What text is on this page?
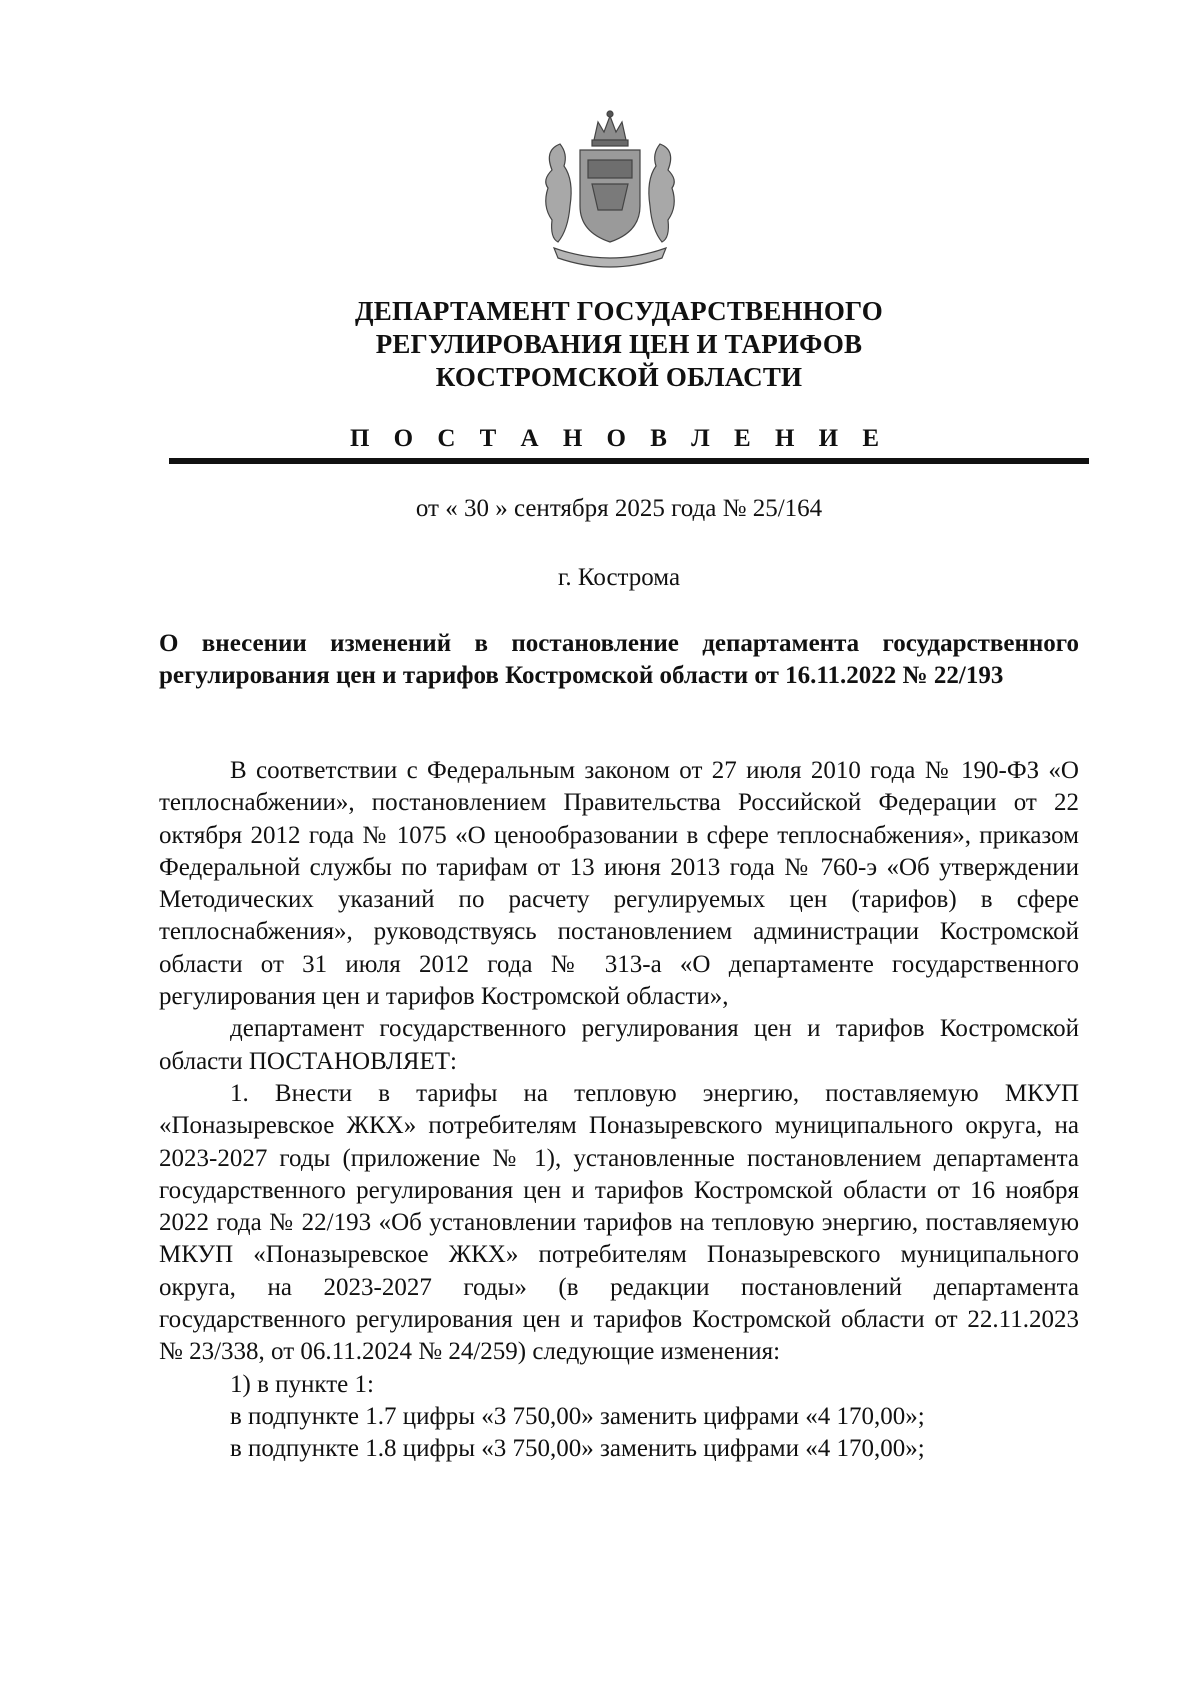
ДЕПАРТАМЕНТ ГОСУДАРСТВЕННОГО
РЕГУЛИРОВАНИЯ ЦЕН И ТАРИФОВ
КОСТРОМСКОЙ ОБЛАСТИ
П О С Т А Н О В Л Е Н И Е
от « 30 » сентября 2025 года № 25/164
г. Кострома
О внесении изменений в постановление департамента государственного регулирования цен и тарифов Костромской области от 16.11.2022 № 22/193

В соответствии с Федеральным законом от 27 июля 2010 года № 190-ФЗ «О теплоснабжении», постановлением Правительства Российской Федерации от 22 октября 2012 года № 1075 «О ценообразовании в сфере теплоснабжения», приказом Федеральной службы по тарифам от 13 июня 2013 года № 760-э «Об утверждении Методических указаний по расчету регулируемых цен (тарифов) в сфере теплоснабжения», руководствуясь постановлением администрации Костромской области от 31 июля 2012 года № 313-а «О департаменте государственного регулирования цен и тарифов Костромской области»,

департамент государственного регулирования цен и тарифов Костромской области ПОСТАНОВЛЯЕТ:

1. Внести в тарифы на тепловую энергию, поставляемую МКУП «Поназыревское ЖКХ» потребителям Поназыревского муниципального округа, на 2023-2027 годы (приложение № 1), установленные постановлением департамента государственного регулирования цен и тарифов Костромской области от 16 ноября 2022 года № 22/193 «Об установлении тарифов на тепловую энергию, поставляемую МКУП «Поназыревское ЖКХ» потребителям Поназыревского муниципального округа, на 2023-2027 годы» (в редакции постановлений департамента государственного регулирования цен и тарифов Костромской области от 22.11.2023 № 23/338, от 06.11.2024 № 24/259) следующие изменения:

1) в пункте 1:

в подпункте 1.7 цифры «3 750,00» заменить цифрами «4 170,00»;

в подпункте 1.8 цифры «3 750,00» заменить цифрами «4 170,00»;
